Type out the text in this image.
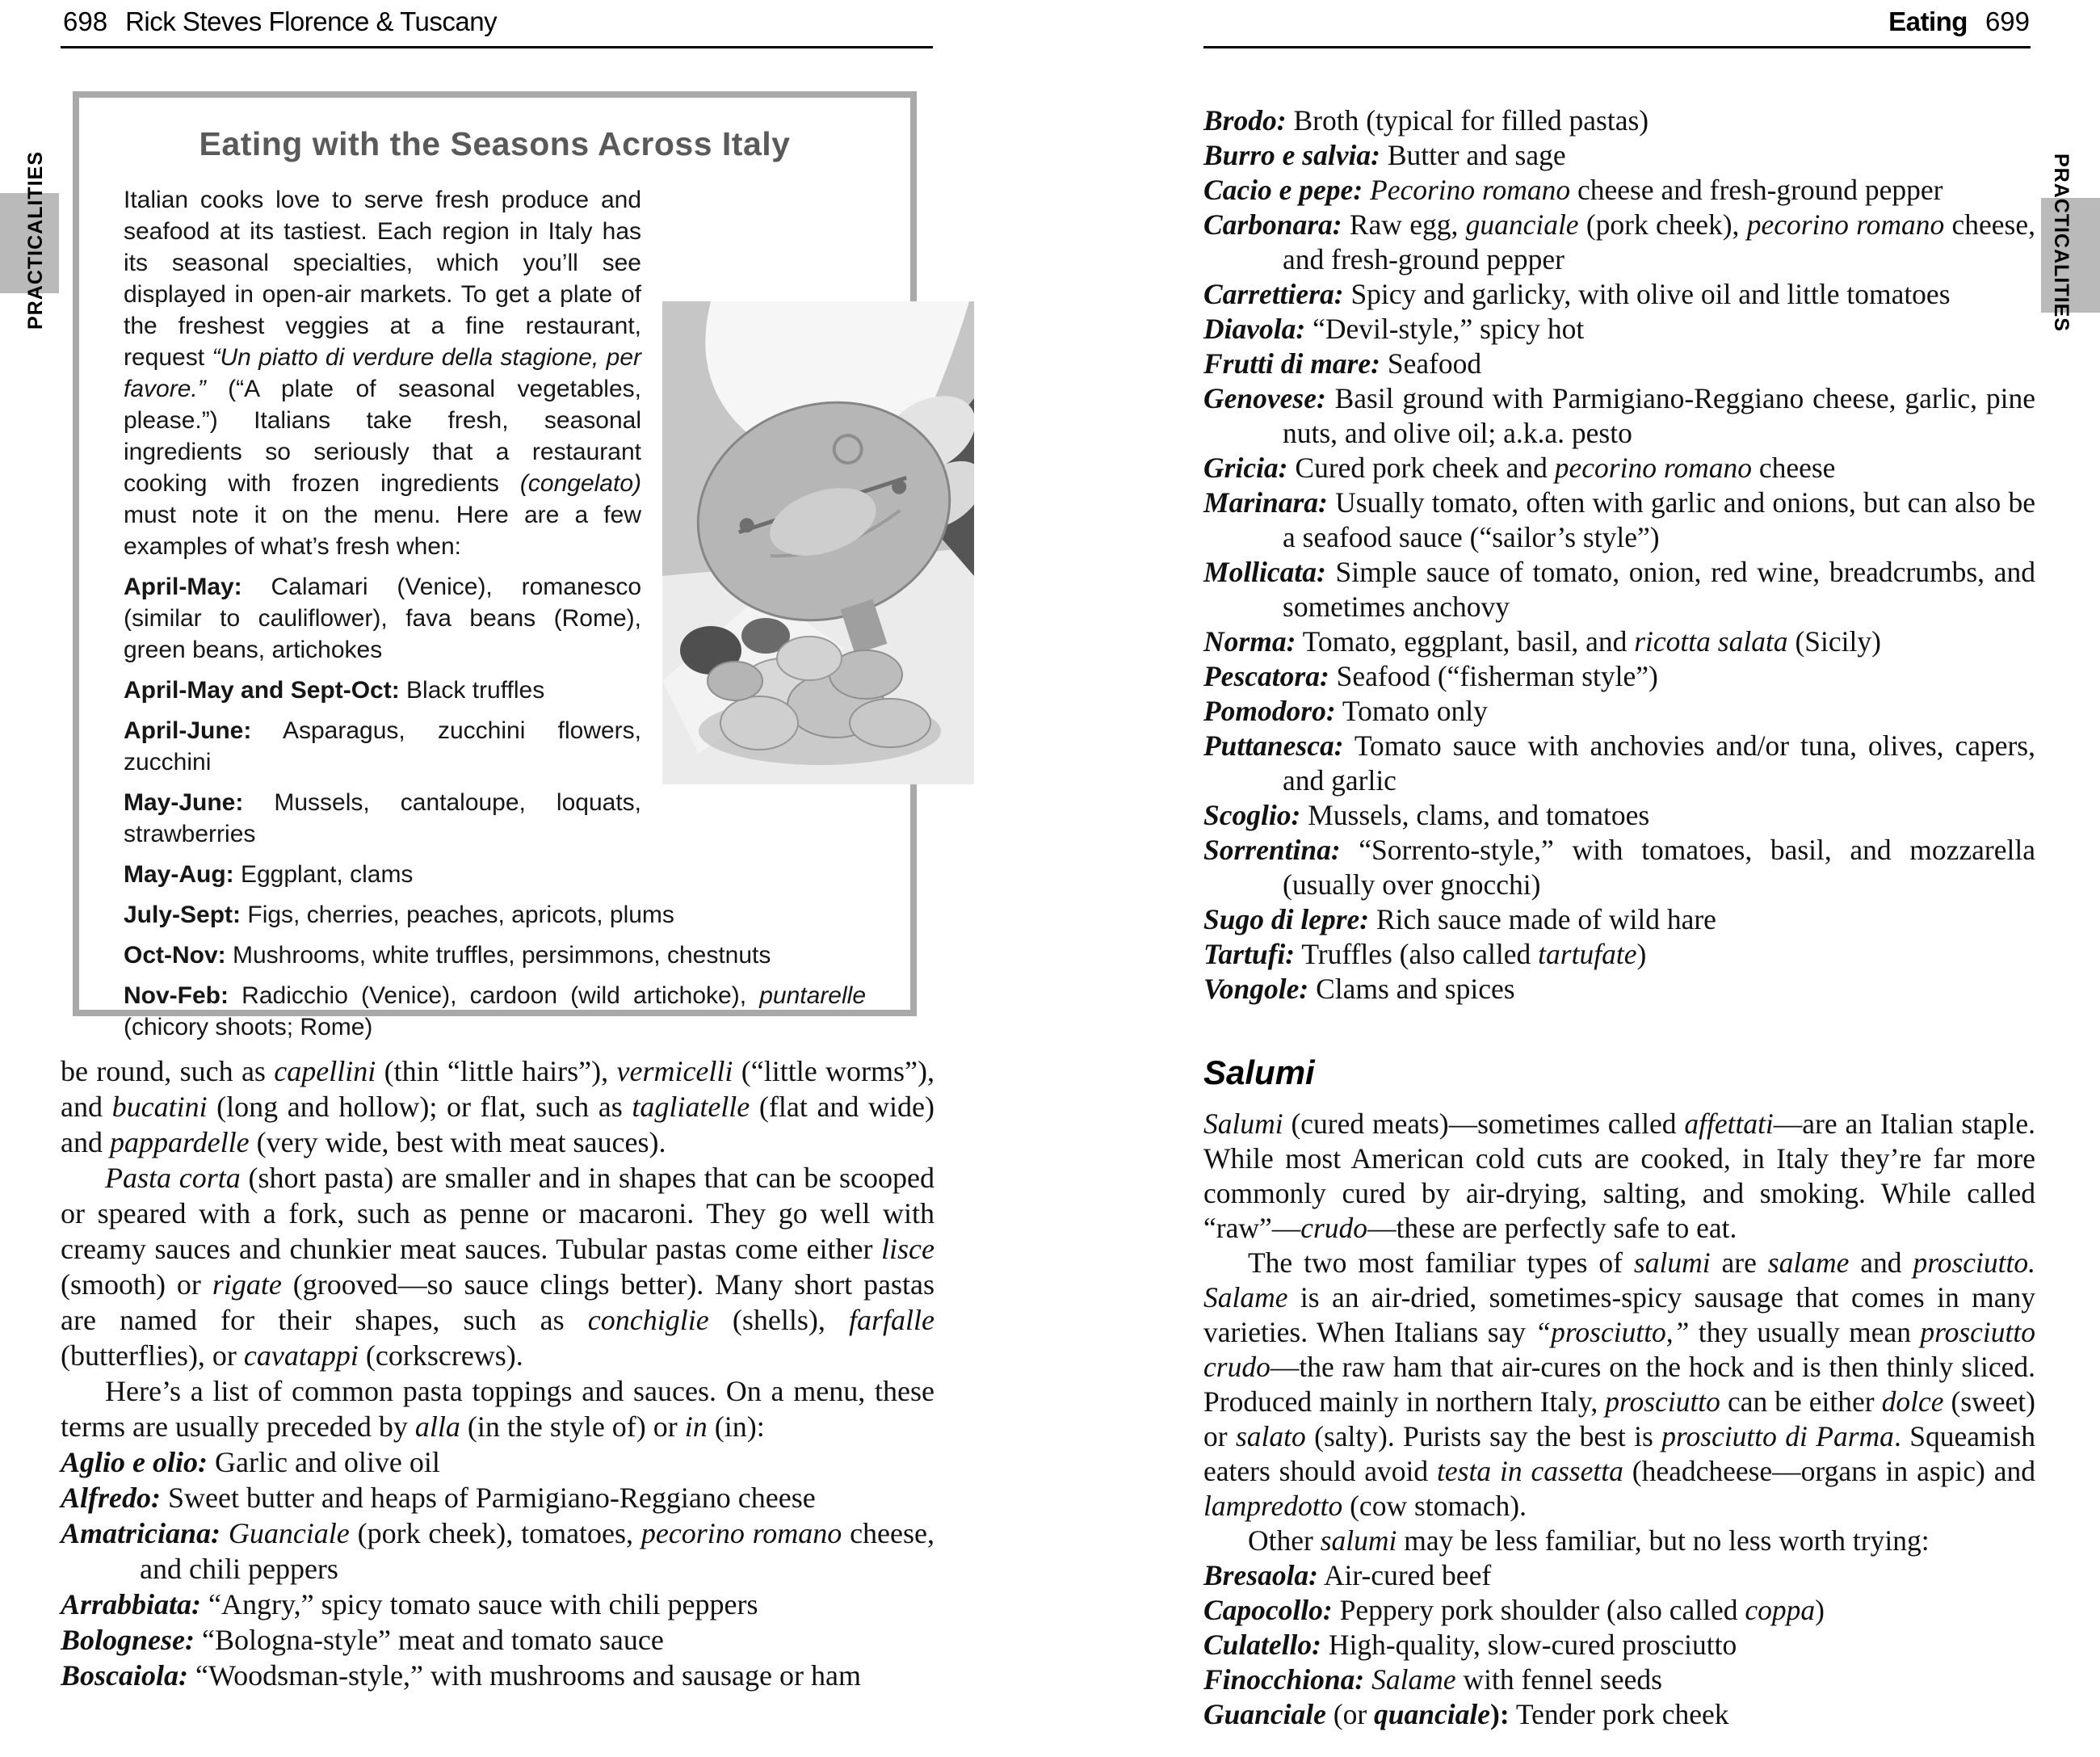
698 Rick Steves Florence & Tuscany	Eating 699
PRACTICALITIES	PRACTICALITIES
Eating with the Seasons Across Italy
Italian cooks love to serve fresh produce and seafood at its tastiest. Each region in Italy has its seasonal specialties, which you’ll see displayed in open-air markets. To get a plate of the freshest veggies at a fine restaurant, request “Un piatto di verdure della stagione, per favore.” (“A plate of seasonal vegetables, please.”) Italians take fresh, seasonal ingredients so seriously that a restaurant cooking with frozen ingredients (congelato) must note it on the menu. Here are a few examples of what’s fresh when:
April-May: Calamari (Venice), romanesco (similar to cauliflower), fava beans (Rome), green beans, artichokes
April-May and Sept-Oct: Black truffles
April-June: Asparagus, zucchini flowers, zucchini
May-June: Mussels, cantaloupe, loquats, strawberries
May-Aug: Eggplant, clams
July-Sept: Figs, cherries, peaches, apricots, plums
Oct-Nov: Mushrooms, white truffles, persimmons, chestnuts
Nov-Feb: Radicchio (Venice), cardoon (wild artichoke), puntarelle (chicory shoots; Rome)
be round, such as capellini (thin “little hairs”), vermicelli (“little worms”), and bucatini (long and hollow); or flat, such as tagliatelle (flat and wide) and pappardelle (very wide, best with meat sauces).
Pasta corta (short pasta) are smaller and in shapes that can be scooped or speared with a fork, such as penne or macaroni. They go well with creamy sauces and chunkier meat sauces. Tubular pastas come either lisce (smooth) or rigate (grooved—so sauce clings better). Many short pastas are named for their shapes, such as conchiglie (shells), farfalle (butterflies), or cavatappi (corkscrews).
Here’s a list of common pasta toppings and sauces. On a menu, these terms are usually preceded by alla (in the style of) or in (in):
Aglio e olio: Garlic and olive oil
Alfredo: Sweet butter and heaps of Parmigiano-Reggiano cheese
Amatriciana: Guanciale (pork cheek), tomatoes, pecorino romano cheese, and chili peppers
Arrabbiata: “Angry,” spicy tomato sauce with chili peppers
Bolognese: “Bologna-style” meat and tomato sauce
Boscaiola: “Woodsman-style,” with mushrooms and sausage or ham
Brodo: Broth (typical for filled pastas)
Burro e salvia: Butter and sage
Cacio e pepe: Pecorino romano cheese and fresh-ground pepper
Carbonara: Raw egg, guanciale (pork cheek), pecorino romano cheese, and fresh-ground pepper
Carrettiera: Spicy and garlicky, with olive oil and little tomatoes
Diavola: “Devil-style,” spicy hot
Frutti di mare: Seafood
Genovese: Basil ground with Parmigiano-Reggiano cheese, garlic, pine nuts, and olive oil; a.k.a. pesto
Gricia: Cured pork cheek and pecorino romano cheese
Marinara: Usually tomato, often with garlic and onions, but can also be a seafood sauce (“sailor’s style”)
Mollicata: Simple sauce of tomato, onion, red wine, breadcrumbs, and sometimes anchovy
Norma: Tomato, eggplant, basil, and ricotta salata (Sicily)
Pescatora: Seafood (“fisherman style”)
Pomodoro: Tomato only
Puttanesca: Tomato sauce with anchovies and/or tuna, olives, capers, and garlic
Scoglio: Mussels, clams, and tomatoes
Sorrentina: “Sorrento-style,” with tomatoes, basil, and mozzarella (usually over gnocchi)
Sugo di lepre: Rich sauce made of wild hare
Tartufi: Truffles (also called tartufate)
Vongole: Clams and spices
Salumi
Salumi (cured meats)—sometimes called affettati—are an Italian staple. While most American cold cuts are cooked, in Italy they’re far more commonly cured by air-drying, salting, and smoking. While called “raw”—crudo—these are perfectly safe to eat.
The two most familiar types of salumi are salame and prosciutto. Salame is an air-dried, sometimes-spicy sausage that comes in many varieties. When Italians say “prosciutto,” they usually mean prosciutto crudo—the raw ham that air-cures on the hock and is then thinly sliced. Produced mainly in northern Italy, prosciutto can be either dolce (sweet) or salato (salty). Purists say the best is prosciutto di Parma. Squeamish eaters should avoid testa in cassetta (headcheese—organs in aspic) and lampredotto (cow stomach).
Other salumi may be less familiar, but no less worth trying:
Bresaola: Air-cured beef
Capocollo: Peppery pork shoulder (also called coppa)
Culatello: High-quality, slow-cured prosciutto
Finocchiona: Salame with fennel seeds
Guanciale (or quanciale): Tender pork cheek
